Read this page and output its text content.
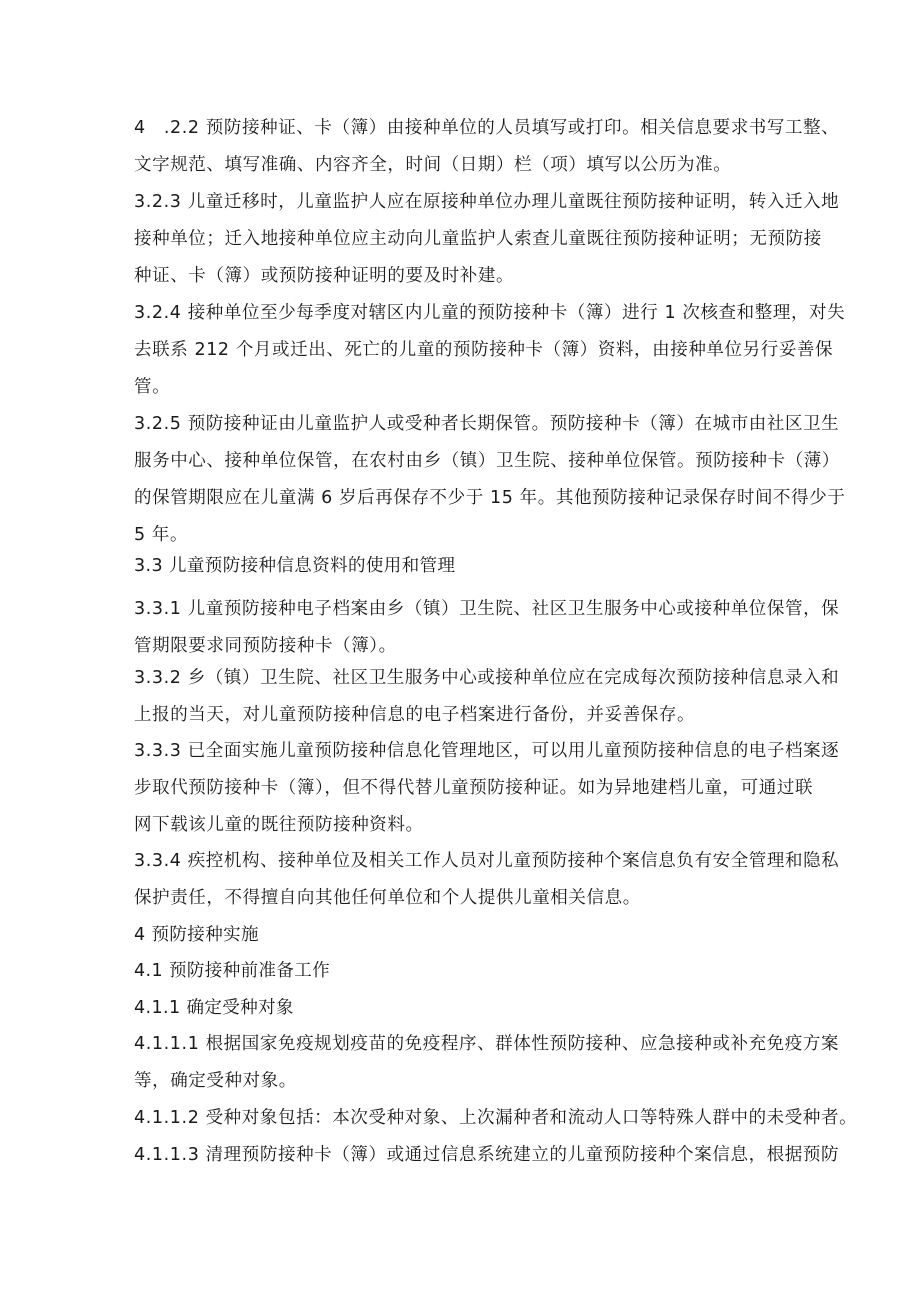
4　.2.2 预防接种证、卡（簿）由接种单位的人员填写或打印。相关信息要求书写工整、
文字规范、填写准确、内容齐全，时间（日期）栏（项）填写以公历为准。

3.2.3 儿童迁移时，儿童监护人应在原接种单位办理儿童既往预防接种证明，转入迁入地
接种单位；迁入地接种单位应主动向儿童监护人索查儿童既往预防接种证明；无预防接
种证、卡（簿）或预防接种证明的要及时补建。

3.2.4 接种单位至少每季度对辖区内儿童的预防接种卡（簿）进行 1 次核查和整理，对失
去联系 212 个月或迁出、死亡的儿童的预防接种卡（簿）资料，由接种单位另行妥善保
管。

3.2.5 预防接种证由儿童监护人或受种者长期保管。预防接种卡（簿）在城市由社区卫生
服务中心、接种单位保管，在农村由乡（镇）卫生院、接种单位保管。预防接种卡（薄）
的保管期限应在儿童满 6 岁后再保存不少于 15 年。其他预防接种记录保存时间不得少于
5 年。

3.3 儿童预防接种信息资料的使用和管理

3.3.1 儿童预防接种电子档案由乡（镇）卫生院、社区卫生服务中心或接种单位保管，保
管期限要求同预防接种卡（簿）。

3.3.2 乡（镇）卫生院、社区卫生服务中心或接种单位应在完成每次预防接种信息录入和
上报的当天，对儿童预防接种信息的电子档案进行备份，并妥善保存。

3.3.3 已全面实施儿童预防接种信息化管理地区，可以用儿童预防接种信息的电子档案逐
步取代预防接种卡（簿），但不得代替儿童预防接种证。如为异地建档儿童，可通过联
网下载该儿童的既往预防接种资料。

3.3.4 疾控机构、接种单位及相关工作人员对儿童预防接种个案信息负有安全管理和隐私
保护责任，不得擅自向其他任何单位和个人提供儿童相关信息。

4 预防接种实施

4.1 预防接种前准备工作

4.1.1 确定受种对象

4.1.1.1 根据国家免疫规划疫苗的免疫程序、群体性预防接种、应急接种或补充免疫方案
等，确定受种对象。

4.1.1.2 受种对象包括：本次受种对象、上次漏种者和流动人口等特殊人群中的未受种者。

4.1.1.3 清理预防接种卡（簿）或通过信息系统建立的儿童预防接种个案信息，根据预防
